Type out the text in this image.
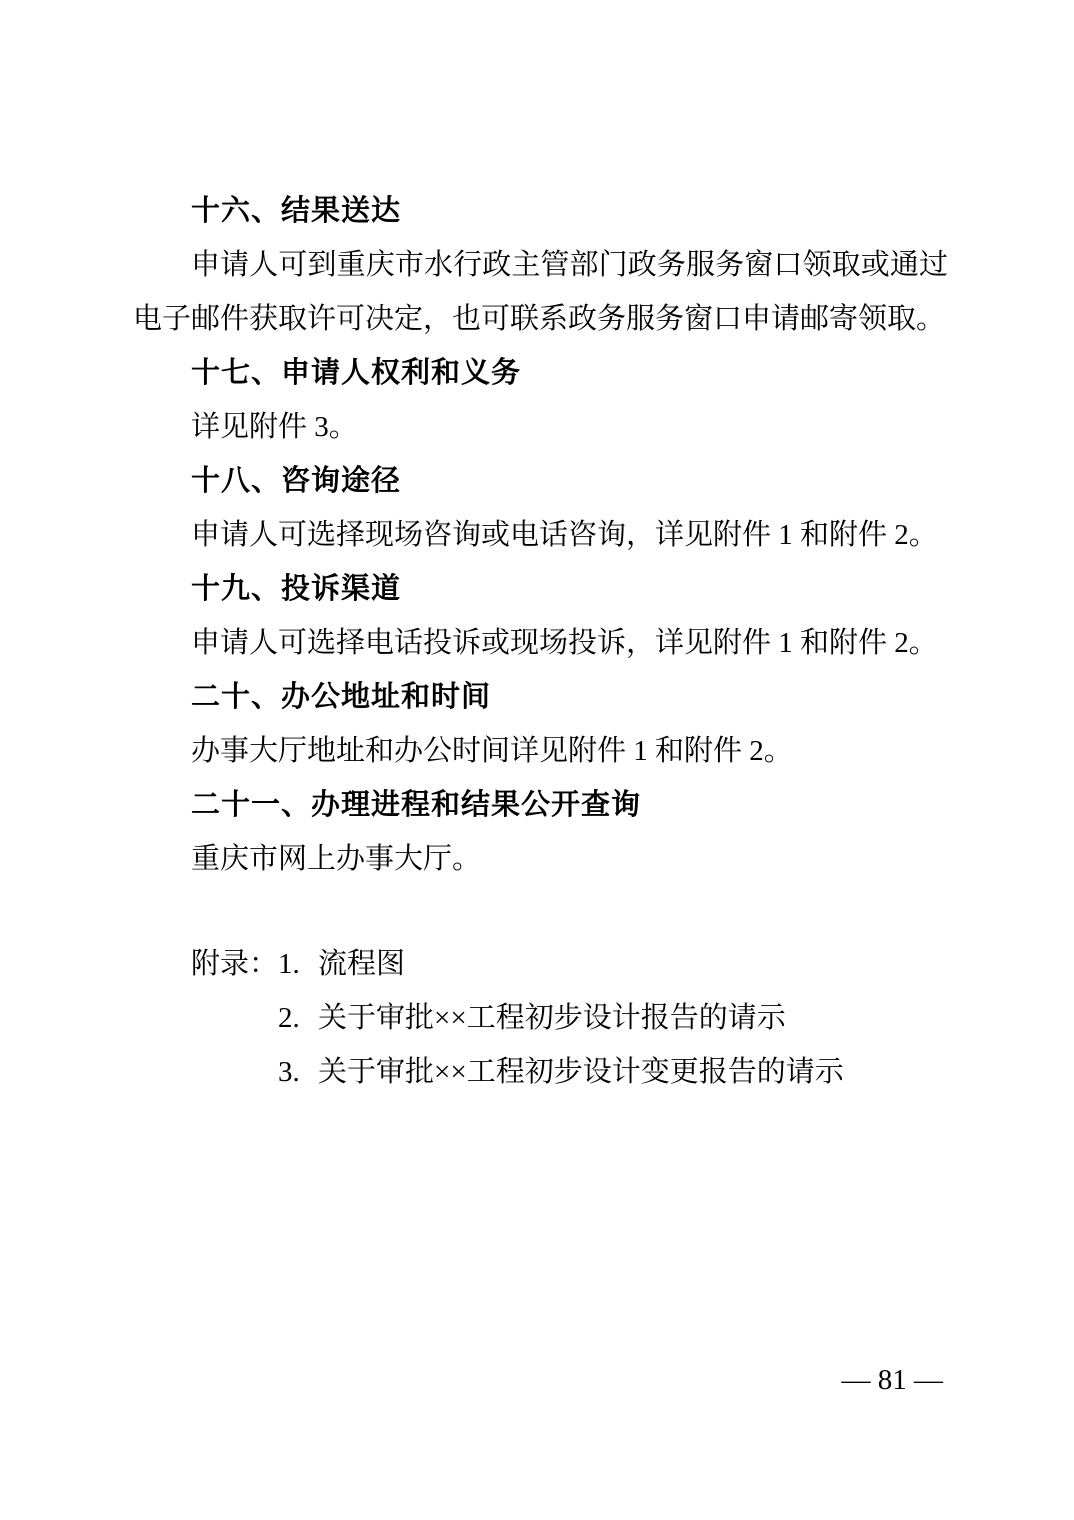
十六、结果送达

申请人可到重庆市水行政主管部门政务服务窗口领取或通过电子邮件获取许可决定，也可联系政务服务窗口申请邮寄领取。

十七、申请人权利和义务

详见附件 3。

十八、咨询途径

申请人可选择现场咨询或电话咨询，详见附件 1 和附件 2。

十九、投诉渠道

申请人可选择电话投诉或现场投诉，详见附件 1 和附件 2。

二十、办公地址和时间

办事大厅地址和办公时间详见附件 1 和附件 2。

二十一、办理进程和结果公开查询

重庆市网上办事大厅。

附录：1. 流程图
2. 关于审批××工程初步设计报告的请示
3. 关于审批××工程初步设计变更报告的请示
— 81 —
